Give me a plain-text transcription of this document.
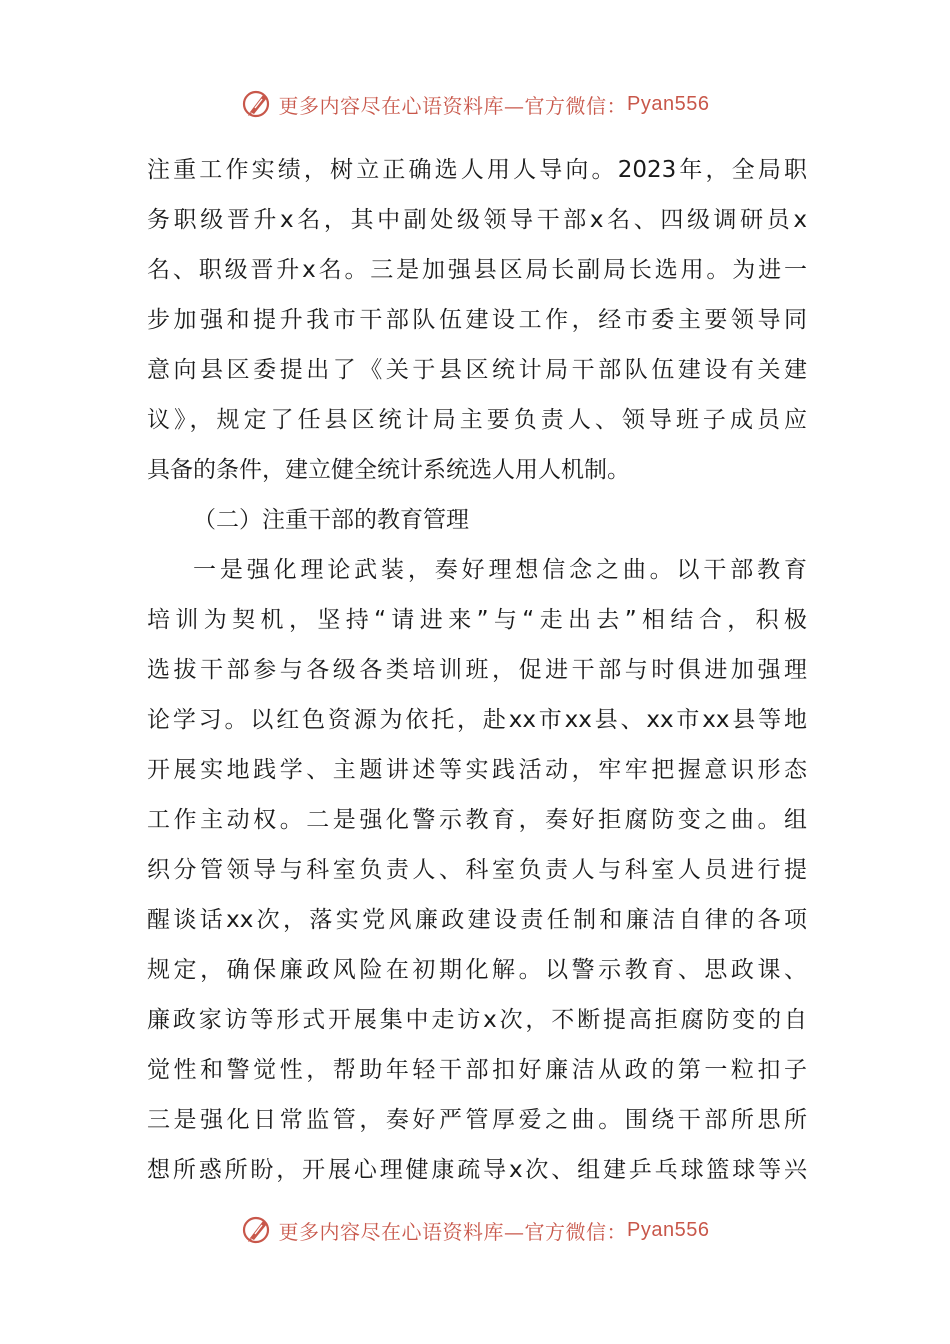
更多内容尽在心语资料库—官方微信： Pyan556
注重工作实绩，树立正确选人用人导向。2023年，全局职
务职级晋升x名，其中副处级领导干部x名、四级调研员x
名、职级晋升x名。三是加强县区局长副局长选用。为进一
步加强和提升我市干部队伍建设工作，经市委主要领导同
意向县区委提出了《关于县区统计局干部队伍建设有关建
议》，规定了任县区统计局主要负责人、领导班子成员应
具备的条件，建立健全统计系统选人用人机制。
（二）注重干部的教育管理
一是强化理论武装，奏好理想信念之曲。以干部教育
培训为契机，坚持“请进来”与“走出去”相结合，积极
选拔干部参与各级各类培训班，促进干部与时俱进加强理
论学习。以红色资源为依托，赴xx市xx县、xx市xx县等地
开展实地践学、主题讲述等实践活动，牢牢把握意识形态
工作主动权。二是强化警示教育，奏好拒腐防变之曲。组
织分管领导与科室负责人、科室负责人与科室人员进行提
醒谈话xx次，落实党风廉政建设责任制和廉洁自律的各项
规定，确保廉政风险在初期化解。以警示教育、思政课、
廉政家访等形式开展集中走访x次，不断提高拒腐防变的自
觉性和警觉性，帮助年轻干部扣好廉洁从政的第一粒扣子
三是强化日常监管，奏好严管厚爱之曲。围绕干部所思所
想所惑所盼，开展心理健康疏导x次、组建乒乓球篮球等兴
更多内容尽在心语资料库—官方微信： Pyan556
